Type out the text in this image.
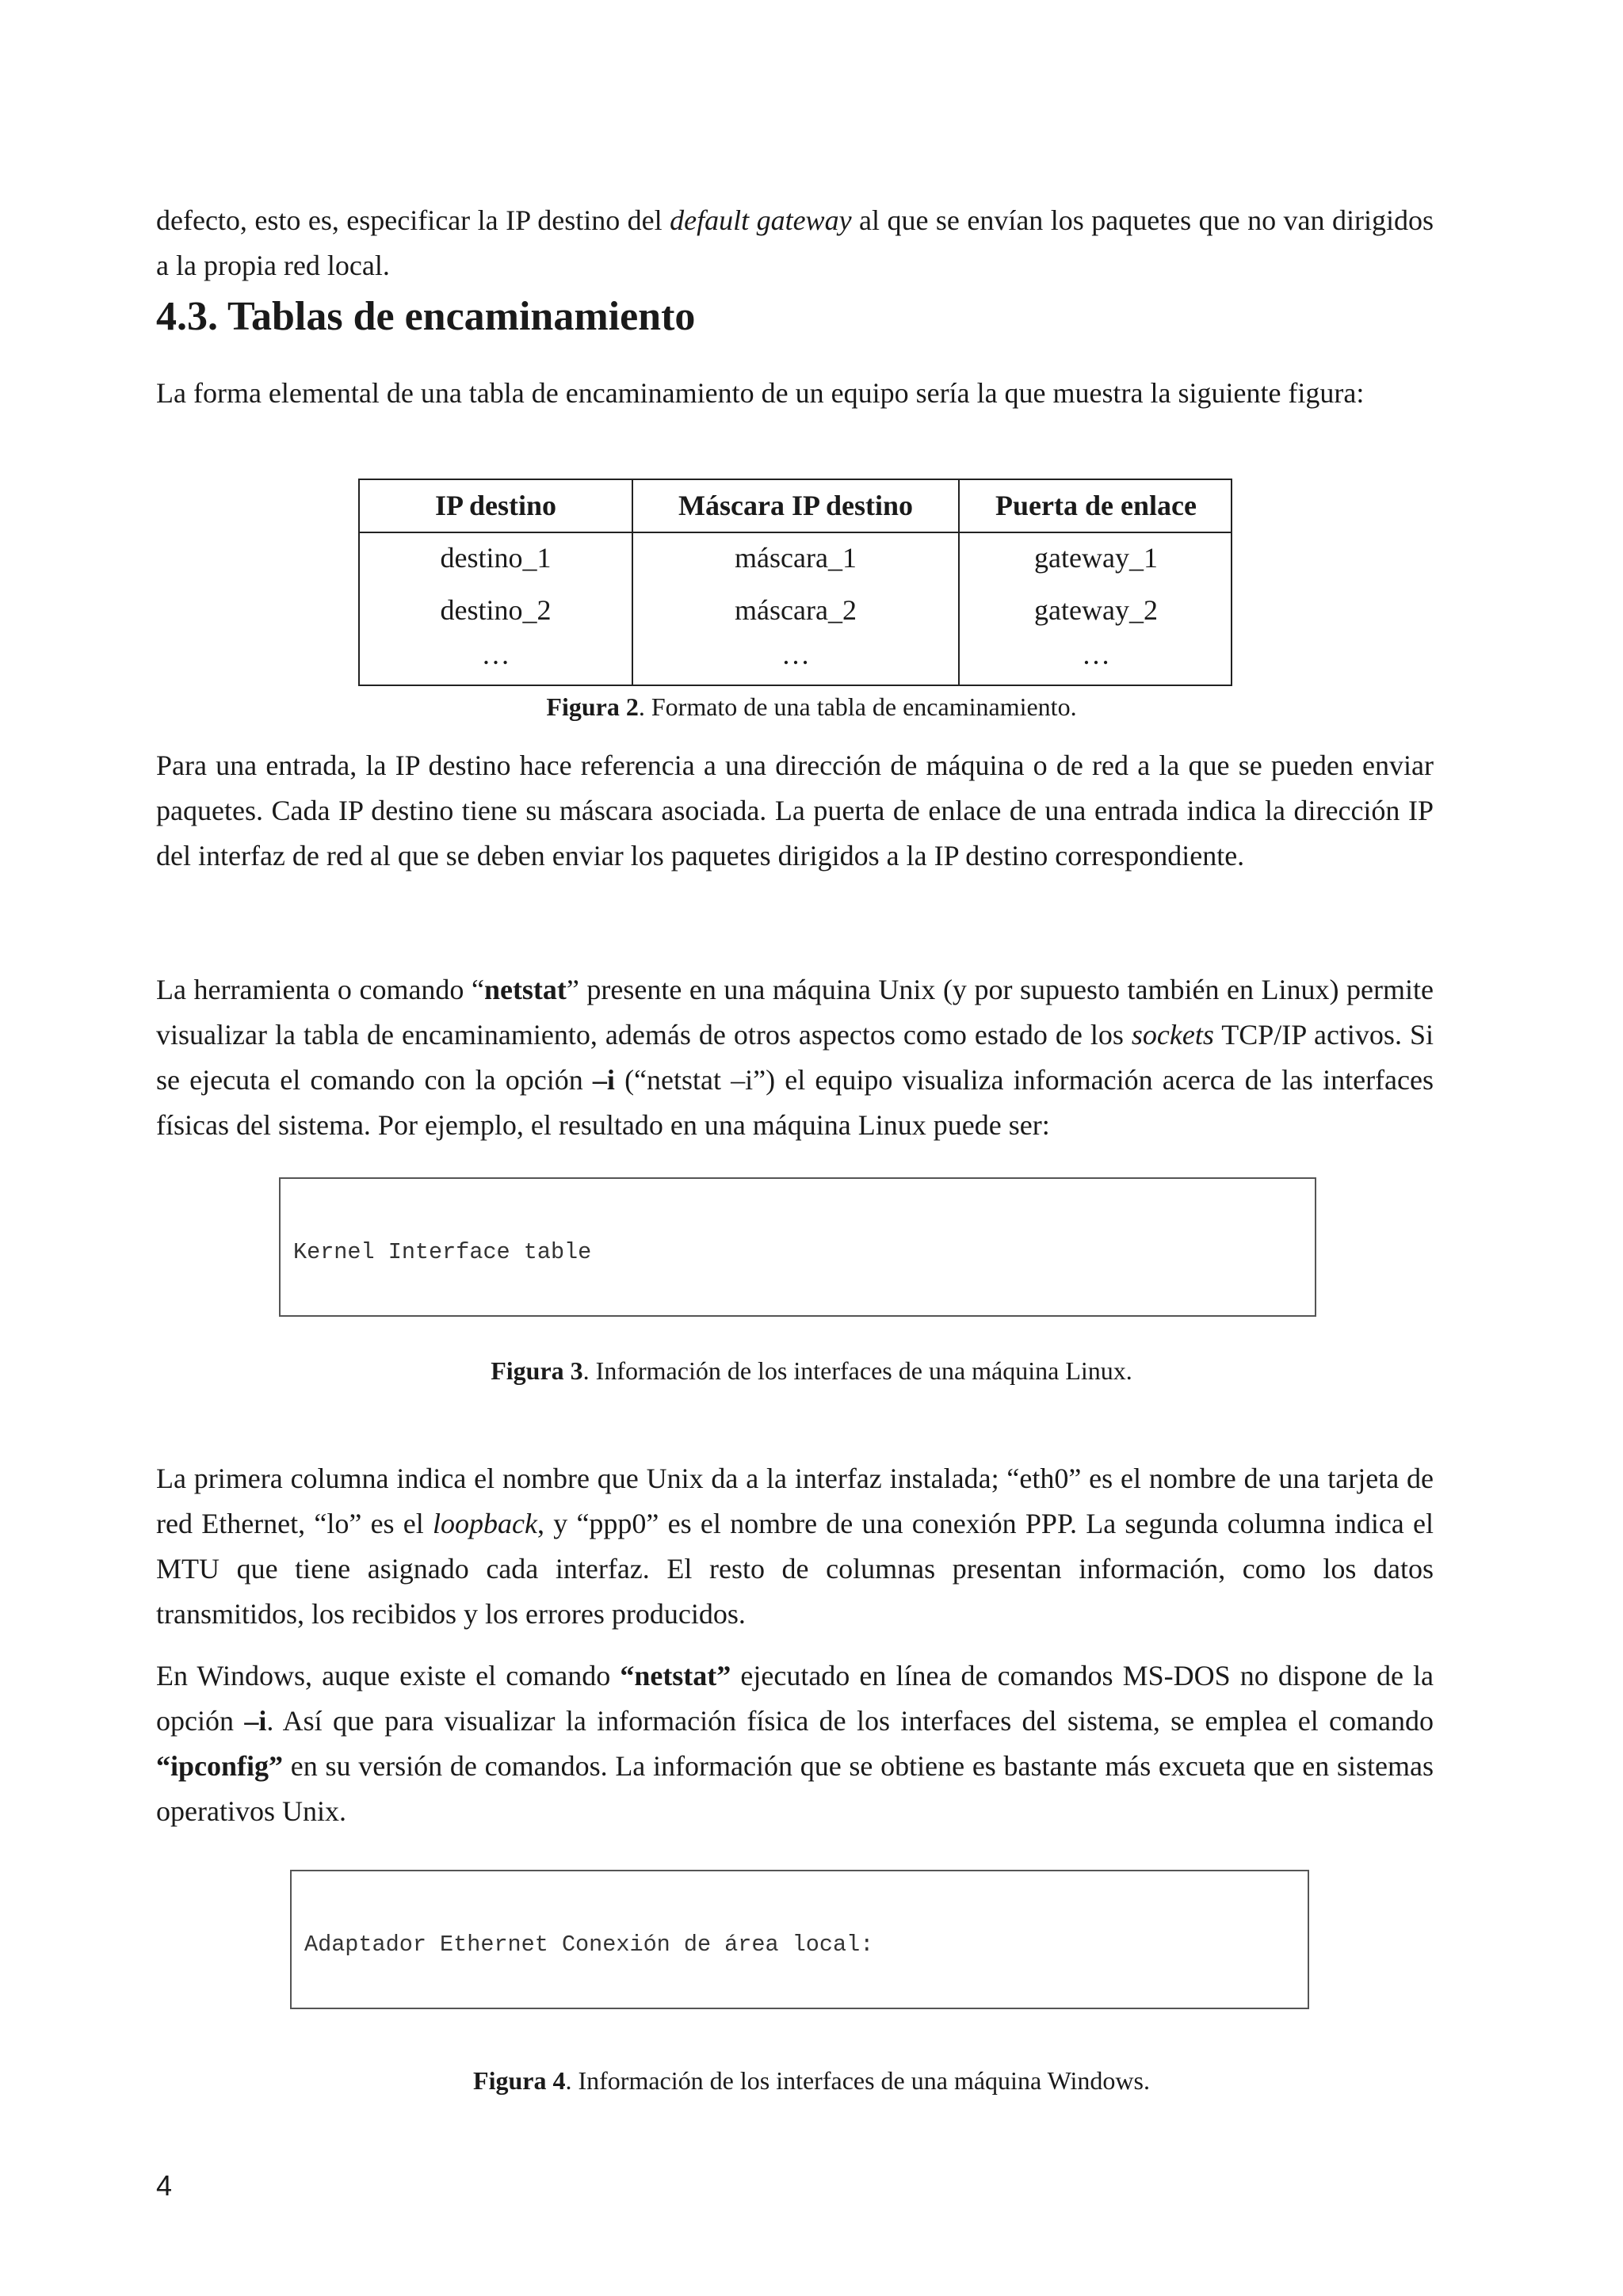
defecto, esto es, especificar la IP destino del default gateway al que se envían los paquetes que no van dirigidos a la propia red local.

4.3. Tablas de encaminamiento

La forma elemental de una tabla de encaminamiento de un equipo sería la que muestra la siguiente figura:

IP destino	Máscara IP destino	Puerta de enlace
destino_1	máscara_1	gateway_1
destino_2	máscara_2	gateway_2
…	…	…
Figura 2. Formato de una tabla de encaminamiento.

Para una entrada, la IP destino hace referencia a una dirección de máquina o de red a la que se pueden enviar paquetes. Cada IP destino tiene su máscara asociada. La puerta de enlace de una entrada indica la dirección IP del interfaz de red al que se deben enviar los paquetes dirigidos a la IP destino correspondiente.

La herramienta o comando “netstat” presente en una máquina Unix (y por supuesto también en Linux) permite visualizar la tabla de encaminamiento, además de otros aspectos como estado de los sockets TCP/IP activos. Si se ejecuta el comando con la opción –i (“netstat –i”) el equipo visualiza información acerca de las interfaces físicas del sistema. Por ejemplo, el resultado en una máquina Linux puede ser:

Kernel Interface table

Figura 3. Información de los interfaces de una máquina Linux.

La primera columna indica el nombre que Unix da a la interfaz instalada; “eth0” es el nombre de una tarjeta de red Ethernet, “lo” es el loopback, y “ppp0” es el nombre de una conexión PPP. La segunda columna indica el MTU que tiene asignado cada interfaz. El resto de columnas presentan información, como los datos transmitidos, los recibidos y los errores producidos.

En Windows, auque existe el comando “netstat” ejecutado en línea de comandos MS-DOS no dispone de la opción –i. Así que para visualizar la información física de los interfaces del sistema, se emplea el comando “ipconfig” en su versión de comandos. La información que se obtiene es bastante más excueta que en sistemas operativos Unix.

Adaptador Ethernet Conexión de área local:

Figura 4. Información de los interfaces de una máquina Windows.
4
